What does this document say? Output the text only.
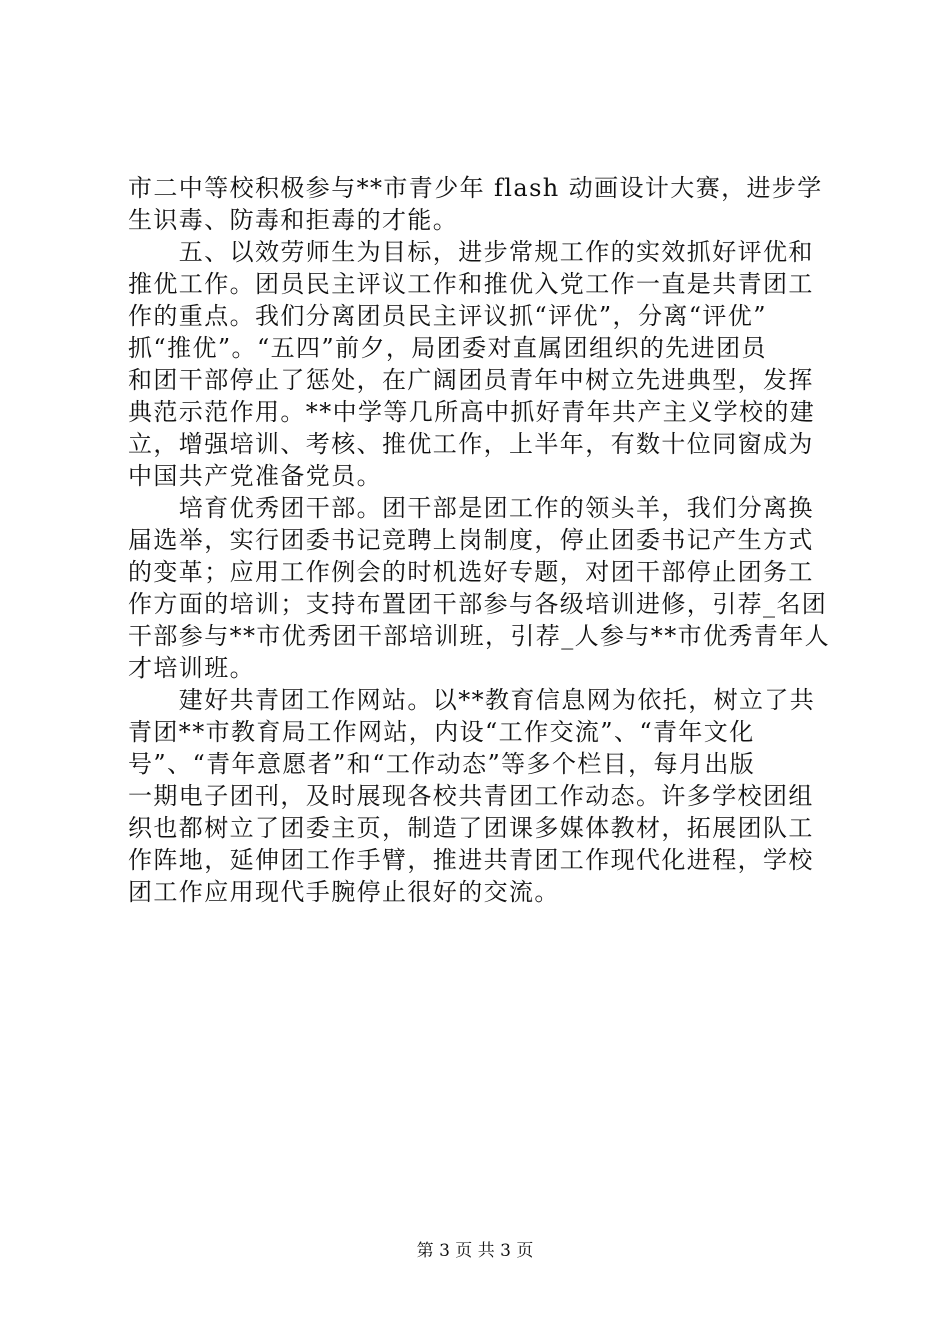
市二中等校积极参与**市青少年 flash 动画设计大赛，进步学
生识毒、防毒和拒毒的才能。
　　五、以效劳师生为目标，进步常规工作的实效抓好评优和
推优工作。团员民主评议工作和推优入党工作一直是共青团工
作的重点。我们分离团员民主评议抓“评优”，分离“评优”
抓“推优”。“五四”前夕，局团委对直属团组织的先进团员
和团干部停止了惩处，在广阔团员青年中树立先进典型，发挥
典范示范作用。**中学等几所高中抓好青年共产主义学校的建
立，增强培训、考核、推优工作，上半年，有数十位同窗成为
中国共产党准备党员。
　　培育优秀团干部。团干部是团工作的领头羊，我们分离换
届选举，实行团委书记竞聘上岗制度，停止团委书记产生方式
的变革；应用工作例会的时机选好专题，对团干部停止团务工
作方面的培训；支持布置团干部参与各级培训进修，引荐_名团
干部参与**市优秀团干部培训班，引荐_人参与**市优秀青年人
才培训班。
　　建好共青团工作网站。以**教育信息网为依托，树立了共
青团**市教育局工作网站，内设“工作交流”、“青年文化
号”、“青年意愿者”和“工作动态”等多个栏目，每月出版
一期电子团刊，及时展现各校共青团工作动态。许多学校团组
织也都树立了团委主页，制造了团课多媒体教材，拓展团队工
作阵地，延伸团工作手臂，推进共青团工作现代化进程，学校
团工作应用现代手腕停止很好的交流。
第 3 页 共 3 页
